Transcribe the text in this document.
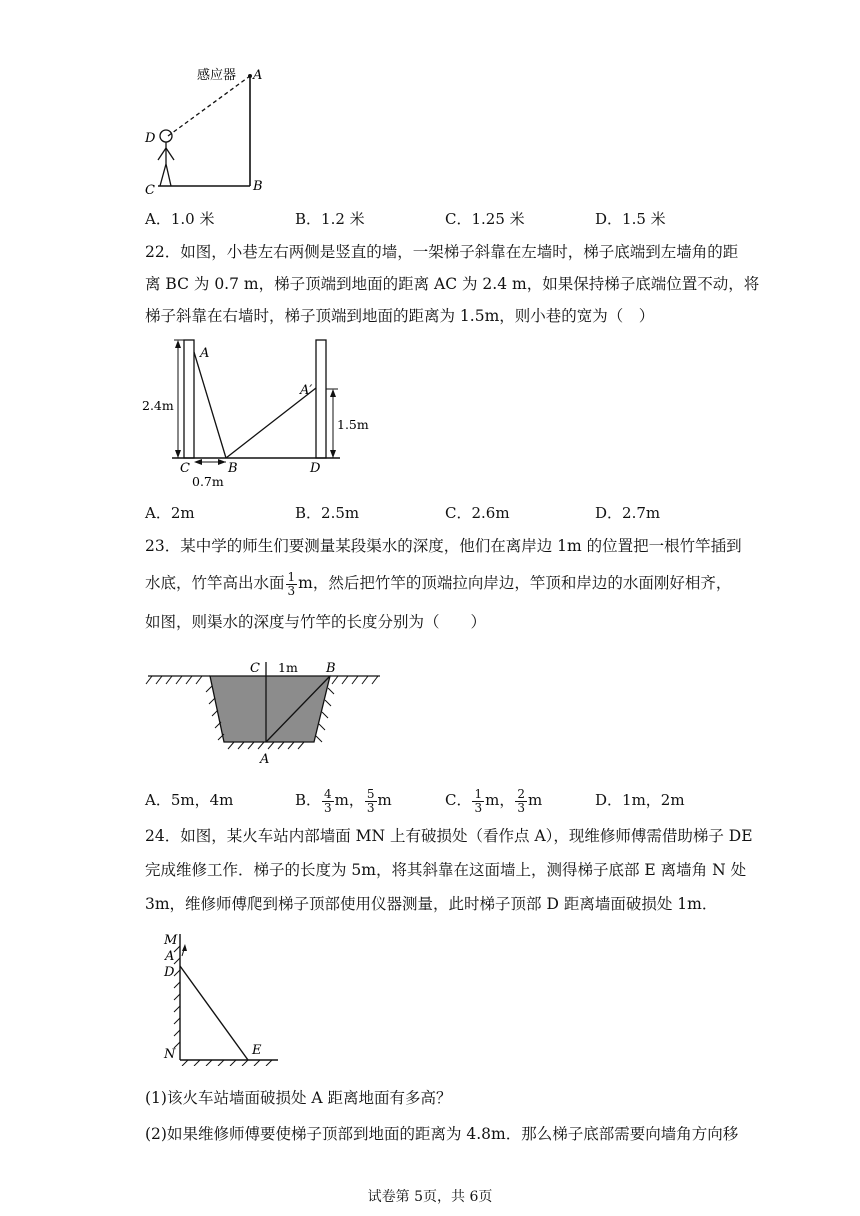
感应器 A
D
C	B
A．1.0 米	B．1.2 米	C．1.25 米	D．1.5 米
22．如图，小巷左右两侧是竖直的墙，一架梯子斜靠在左墙时，梯子底端到左墙角的距
离 BC 为 0.7 m，梯子顶端到地面的距离 AC 为 2.4 m，如果保持梯子底端位置不动，将
梯子斜靠在右墙时，梯子顶端到地面的距离为 1.5m，则小巷的宽为（　）
A
A′
C	B	D
2.4m
1.5m
0.7m
A．2m	B．2.5m	C．2.6m	D．2.7m
23．某中学的师生们要测量某段渠水的深度，他们在离岸边 1m 的位置把一根竹竿插到
水底，竹竿高出水面 $\frac{1}{3}$ m，然后把竹竿的顶端拉向岸边，竿顶和岸边的水面刚好相齐，
如图，则渠水的深度与竹竿的长度分别为（　　）
C 1m B
A
A．5m，4m	B． $\frac{4}{3}$ m， $\frac{5}{3}$ m	C． $\frac{1}{3}$ m， $\frac{2}{3}$ m	D．1m，2m
24．如图，某火车站内部墙面 MN 上有破损处（看作点 A），现维修师傅需借助梯子 DE
完成维修工作．梯子的长度为 5m，将其斜靠在这面墙上，测得梯子底部 E 离墙角 N 处
3m，维修师傅爬到梯子顶部使用仪器测量，此时梯子顶部 D 距离墙面破损处 1m．
M
A
D
N	E
(1)该火车站墙面破损处 A 距离地面有多高？
(2)如果维修师傅要使梯子顶部到地面的距离为 4.8m．那么梯子底部需要向墙角方向移
试卷第 5页，共 6页
